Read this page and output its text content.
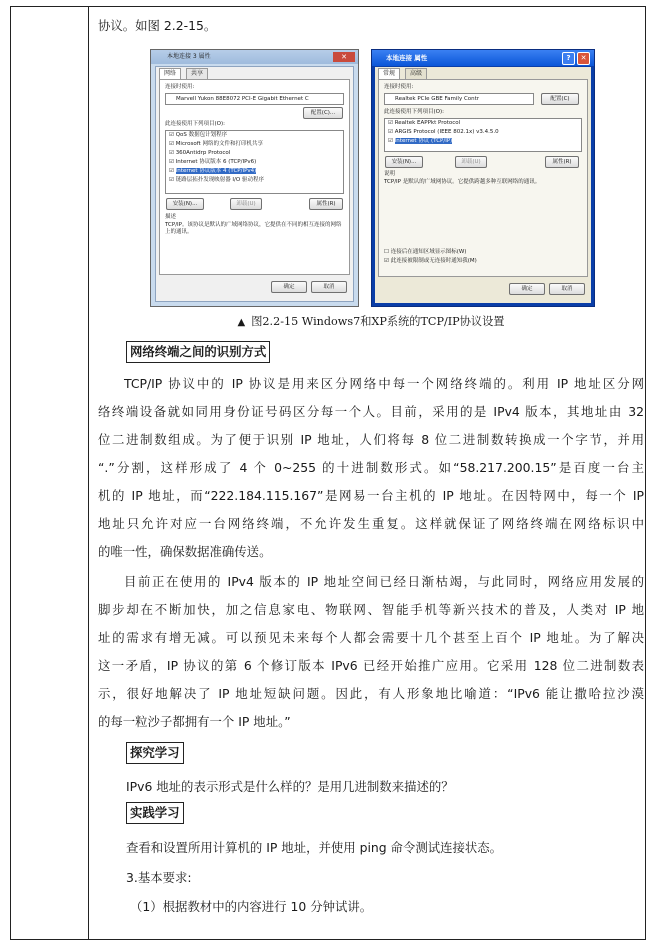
协议。如图 2.2-15。
本地连接 3 属性	✕
网络	共享
连接时使用:
Marvell Yukon 88E8072 PCI-E Gigabit Ethernet C
配置(C)...
此连接使用下列项目(O):
☑ QoS 数据包计划程序
☑ Microsoft 网络的文件和打印机共享
☑ 360Antidrp Protocol
☑ Internet 协议版本 6 (TCP/IPv6)
☑ Internet 协议版本 4 (TCP/IPv4)
☑ 链路层拓扑发现映射器 I/O 驱动程序
安装(N)...	卸载(U)	属性(R)
描述
TCP/IP。该协议是默认的广域网络协议，它提供在不同的相互连接的网络上的通讯。
确定	取消
本地连接 属性	?	✕
常规	高级
连接时使用:
Realtek PCIe GBE Family Contr	配置(C)
此连接使用下列项目(O):
☑ Realtek EAPPkt Protocol
☑ ARGIS Protocol (IEEE 802.1x) v3.4.5.0
☑ Internet 协议 (TCP/IP)
安装(N)...	卸载(U)	属性(R)
说明
TCP/IP 是默认的广域网协议。它提供跨越多种互联网络的通讯。
☐ 连接后在通知区域显示图标(W)
☑ 此连接被限制或无连接时通知我(M)
确定	取消
▲ 图2.2-15 Windows7和XP系统的TCP/IP协议设置
网络终端之间的识别方式
TCP/IP 协议中的 IP 协议是用来区分网络中每一个网络终端的。利用 IP 地址区分网
络终端设备就如同用身份证号码区分每一个人。目前，采用的是 IPv4 版本，其地址由 32
位二进制数组成。为了便于识别 IP 地址，人们将每 8 位二进制数转换成一个字节，并用
“.”分割，这样形成了 4 个 0~255 的十进制数形式。如“58.217.200.15”是百度一台主
机的 IP 地址，而“222.184.115.167”是网易一台主机的 IP 地址。在因特网中，每一个 IP
地址只允许对应一台网络终端，不允许发生重复。这样就保证了网络终端在网络标识中
的唯一性，确保数据准确传送。
目前正在使用的 IPv4 版本的 IP 地址空间已经日渐枯竭，与此同时，网络应用发展的
脚步却在不断加快，加之信息家电、物联网、智能手机等新兴技术的普及，人类对 IP 地
址的需求有增无减。可以预见未来每个人都会需要十几个甚至上百个 IP 地址。为了解决
这一矛盾，IP 协议的第 6 个修订版本 IPv6 已经开始推广应用。它采用 128 位二进制数表
示，很好地解决了 IP 地址短缺问题。因此，有人形象地比喻道：“IPv6 能让撒哈拉沙漠
的每一粒沙子都拥有一个 IP 地址。”
探究学习
IPv6 地址的表示形式是什么样的？是用几进制数来描述的？
实践学习
查看和设置所用计算机的 IP 地址，并使用 ping 命令测试连接状态。
3.基本要求:
（1）根据教材中的内容进行 10 分钟试讲。
